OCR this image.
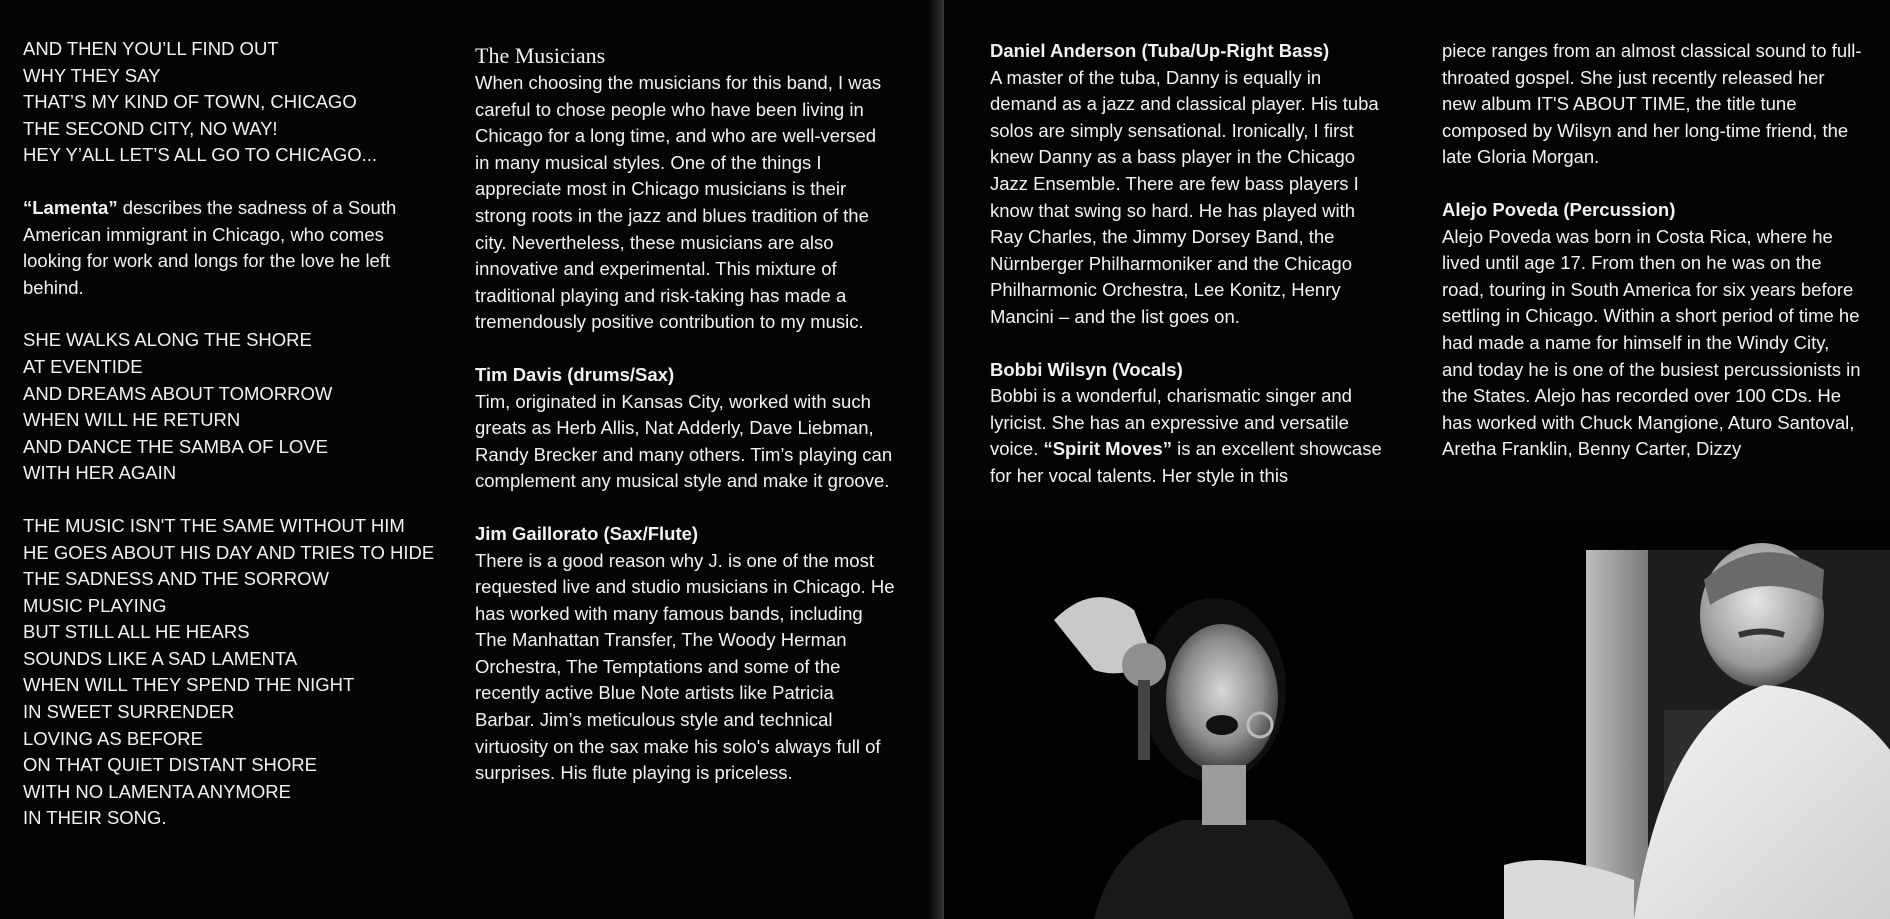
AND THEN YOU’LL FIND OUT
WHY THEY SAY
THAT’S MY KIND OF TOWN, CHICAGO
THE SECOND CITY, NO WAY!
HEY Y’ALL LET’S ALL GO TO CHICAGO...

“Lamenta” describes the sadness of a South American immigrant in Chicago, who comes looking for work and longs for the love he left behind.

SHE WALKS ALONG THE SHORE
AT EVENTIDE
AND DREAMS ABOUT TOMORROW
WHEN WILL HE RETURN
AND DANCE THE SAMBA OF LOVE
WITH HER AGAIN
THE MUSIC ISN'T THE SAME WITHOUT HIM
HE GOES ABOUT HIS DAY AND TRIES TO HIDE
THE SADNESS AND THE SORROW
MUSIC PLAYING
BUT STILL ALL HE HEARS
SOUNDS LIKE A SAD LAMENTA
WHEN WILL THEY SPEND THE NIGHT
IN SWEET SURRENDER
LOVING AS BEFORE
ON THAT QUIET DISTANT SHORE
WITH NO LAMENTA ANYMORE
IN THEIR SONG.
The Musicians

When choosing the musicians for this band, I was careful to chose people who have been living in Chicago for a long time, and who are well-versed in many musical styles. One of the things I appreciate most in Chicago musicians is their strong roots in the jazz and blues tradition of the city. Nevertheless, these musicians are also innovative and experimental. This mixture of traditional playing and risk-taking has made a tremendously positive contribution to my music.

Tim Davis (drums/Sax)
Tim, originated in Kansas City, worked with such greats as Herb Allis, Nat Adderly, Dave Liebman, Randy Brecker and many others. Tim’s playing can complement any musical style and make it groove.

Jim Gaillorato (Sax/Flute)
There is a good reason why J. is one of the most requested live and studio musicians in Chicago. He has worked with many famous bands, including The Manhattan Transfer, The Woody Herman Orchestra, The Temptations and some of the recently active Blue Note artists like Patricia Barbar. Jim’s meticulous style and technical virtuosity on the sax make his solo's always full of surprises. His flute playing is priceless.

Daniel Anderson (Tuba/Up-Right Bass)
A master of the tuba, Danny is equally in demand as a jazz and classical player. His tuba solos are simply sensational. Ironically, I first knew Danny as a bass player in the Chicago Jazz Ensemble. There are few bass players I know that swing so hard. He has played with Ray Charles, the Jimmy Dorsey Band, the Nürnberger Philharmoniker and the Chicago Philharmonic Orchestra, Lee Konitz, Henry Mancini – and the list goes on.

Bobbi Wilsyn (Vocals)
Bobbi is a wonderful, charismatic singer and lyricist. She has an expressive and versatile voice. “Spirit Moves” is an excellent showcase for her vocal talents. Her style in this

piece ranges from an almost classical sound to full-throated gospel. She just recently released her new album IT'S ABOUT TIME, the title tune composed by Wilsyn and her long-time friend, the late Gloria Morgan.

Alejo Poveda (Percussion)
Alejo Poveda was born in Costa Rica, where he lived until age 17. From then on he was on the road, touring in South America for six years before settling in Chicago. Within a short period of time he had made a name for himself in the Windy City, and today he is one of the busiest percussionists in the States. Alejo has recorded over 100 CDs. He has worked with Chuck Mangione, Aturo Santoval, Aretha Franklin, Benny Carter, Dizzy
